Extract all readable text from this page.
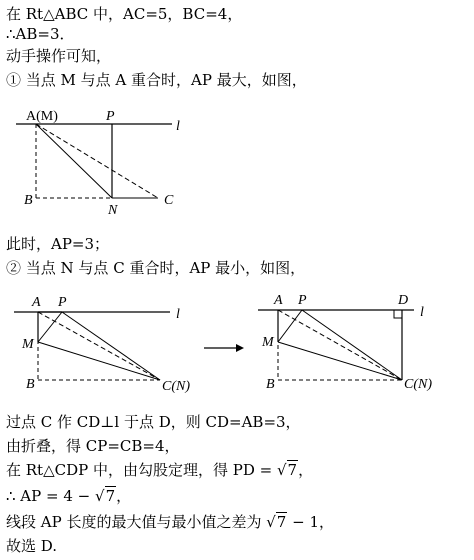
在 Rt△ABC 中，AC=5，BC=4，
∴AB=3．
动手操作可知，
① 当点 M 与点 A 重合时，AP 最大，如图，
A(M)	P
l
B
N
C
此时，AP=3；
② 当点 N 与点 C 重合时，AP 最小，如图，
A P
M
l
B	C(N)
A P	D
M
l
B	C(N)
过点 C 作 CD⊥l 于点 D，则 CD=AB=3，
由折叠，得 CP=CB=4，
在 Rt△CDP 中，由勾股定理，得 PD = √7，
∴ AP = 4 − √7，
线段 AP 长度的最大值与最小值之差为 √7 − 1，
故选 D.
